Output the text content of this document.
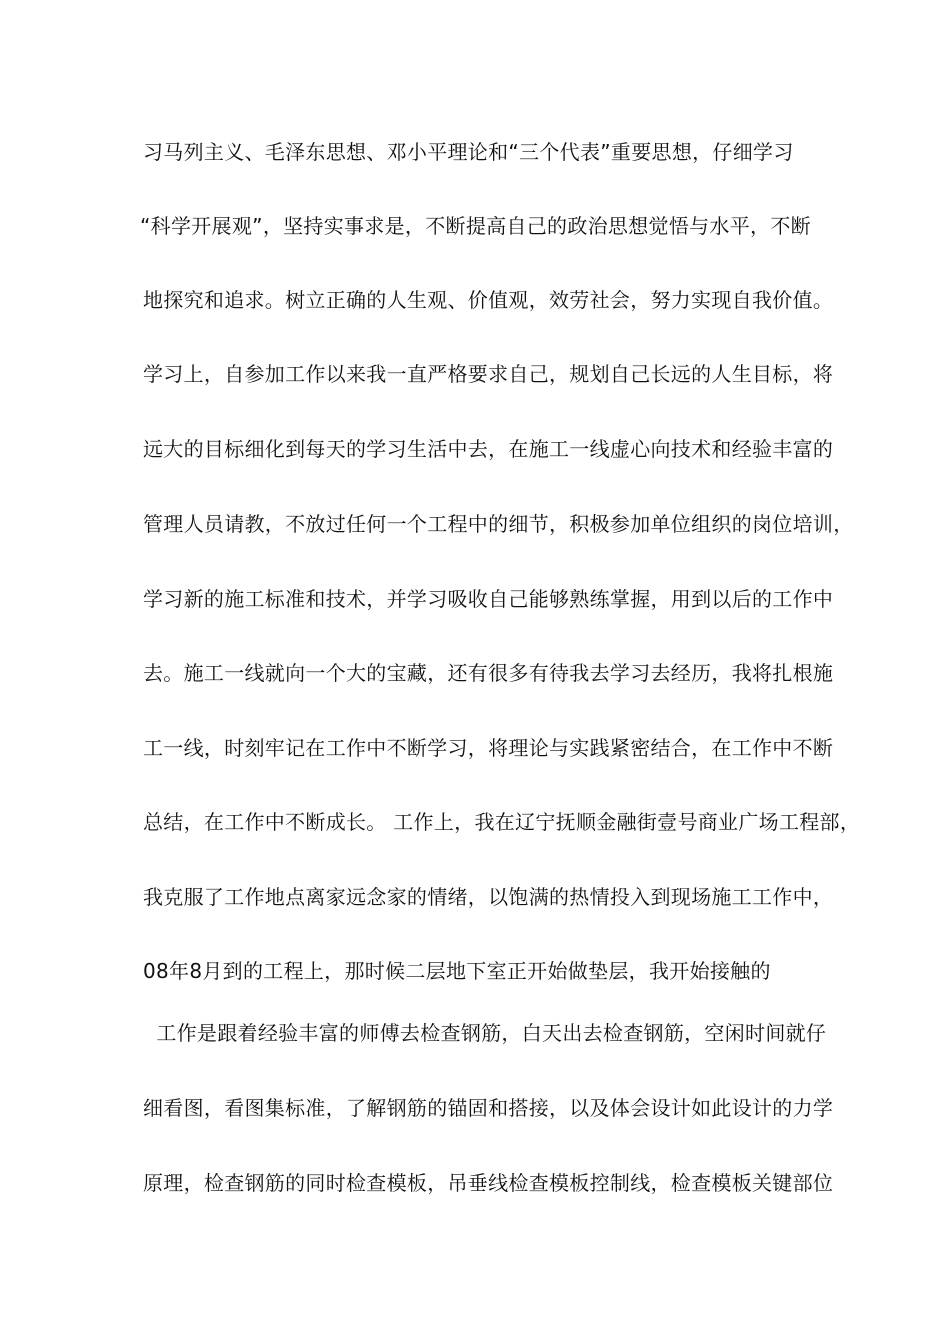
习马列主义、毛泽东思想、邓小平理论和“三个代表”重要思想，仔细学习
“科学开展观”，坚持实事求是，不断提高自己的政治思想觉悟与水平，不断
地探究和追求。树立正确的人生观、价值观，效劳社会，努力实现自我价值。
学习上，自参加工作以来我一直严格要求自己，规划自己长远的人生目标，将
远大的目标细化到每天的学习生活中去，在施工一线虚心向技术和经验丰富的
管理人员请教，不放过任何一个工程中的细节，积极参加单位组织的岗位培训，
学习新的施工标准和技术，并学习吸收自己能够熟练掌握，用到以后的工作中
去。施工一线就向一个大的宝藏，还有很多有待我去学习去经历，我将扎根施
工一线，时刻牢记在工作中不断学习，将理论与实践紧密结合，在工作中不断
总结，在工作中不断成长。 工作上，我在辽宁抚顺金融街壹号商业广场工程部，
我克服了工作地点离家远念家的情绪，以饱满的热情投入到现场施工工作中，
08年8月到的工程上，那时候二层地下室正开始做垫层，我开始接触的
工作是跟着经验丰富的师傅去检查钢筋，白天出去检查钢筋，空闲时间就仔
细看图，看图集标准，了解钢筋的锚固和搭接，以及体会设计如此设计的力学
原理，检查钢筋的同时检查模板，吊垂线检查模板控制线，检查模板关键部位
